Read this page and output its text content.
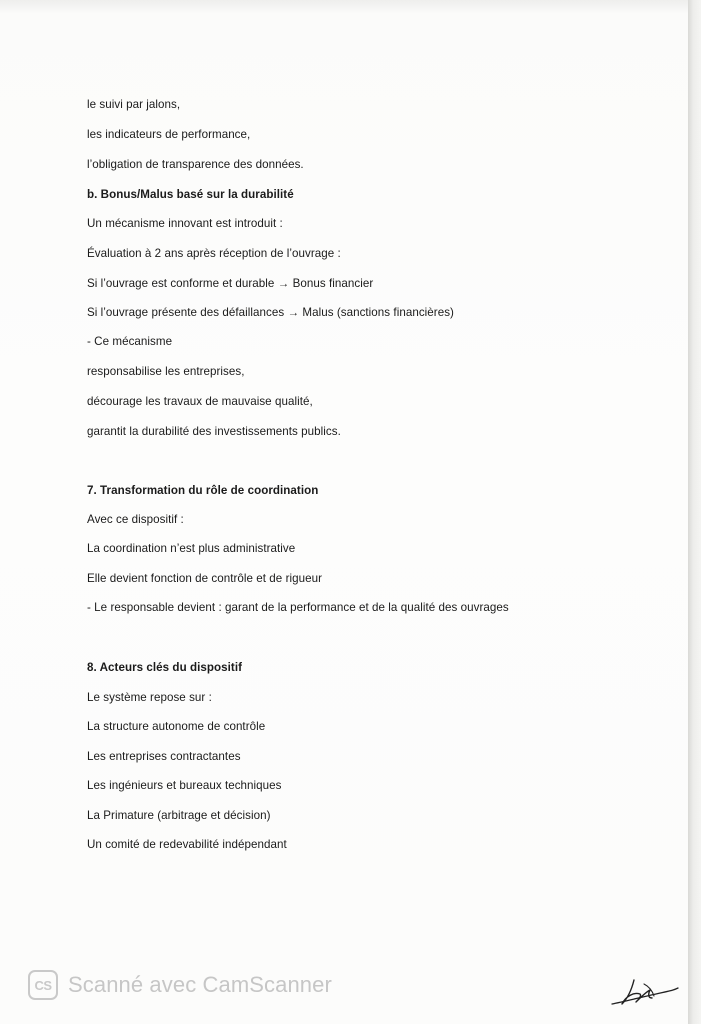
le suivi par jalons,

les indicateurs de performance,

l’obligation de transparence des données.

b. Bonus/Malus basé sur la durabilité

Un mécanisme innovant est introduit :

Évaluation à 2 ans après réception de l’ouvrage :

Si l’ouvrage est conforme et durable → Bonus financier

Si l’ouvrage présente des défaillances → Malus (sanctions financières)

- Ce mécanisme

responsabilise les entreprises,

décourage les travaux de mauvaise qualité,

garantit la durabilité des investissements publics.

7. Transformation du rôle de coordination

Avec ce dispositif :

La coordination n’est plus administrative

Elle devient fonction de contrôle et de rigueur

- Le responsable devient : garant de la performance et de la qualité des ouvrages

8. Acteurs clés du dispositif

Le système repose sur :

La structure autonome de contrôle

Les entreprises contractantes

Les ingénieurs et bureaux techniques

La Primature (arbitrage et décision)

Un comité de redevabilité indépendant

CS Scanné avec CamScanner
